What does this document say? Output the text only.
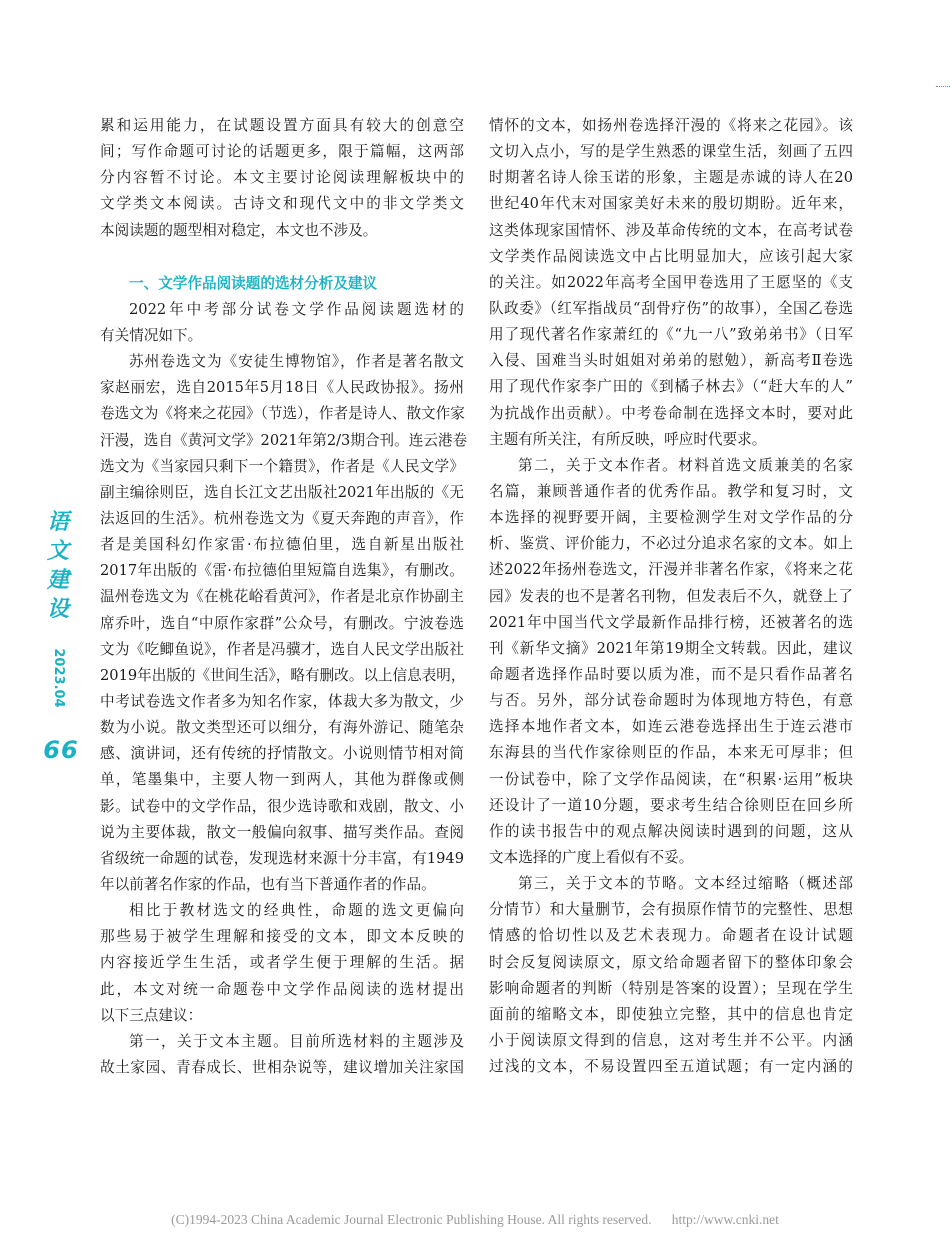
累和运用能力，在试题设置方面具有较大的创意空
间；写作命题可讨论的话题更多，限于篇幅，这两部
分内容暂不讨论。本文主要讨论阅读理解板块中的
文学类文本阅读。古诗文和现代文中的非文学类文
本阅读题的题型相对稳定，本文也不涉及。
一、文学作品阅读题的选材分析及建议
2022年中考部分试卷文学作品阅读题选材的
有关情况如下。
苏州卷选文为《安徒生博物馆》，作者是著名散文
家赵丽宏，选自2015年5月18日《人民政协报》。扬州
卷选文为《将来之花园》（节选），作者是诗人、散文作家
汗漫，选自《黄河文学》2021年第2/3期合刊。连云港卷
选文为《当家园只剩下一个籍贯》，作者是《人民文学》
副主编徐则臣，选自长江文艺出版社2021年出版的《无
法返回的生活》。杭州卷选文为《夏天奔跑的声音》，作
者是美国科幻作家雷·布拉德伯里，选自新星出版社
2017年出版的《雷·布拉德伯里短篇自选集》，有删改。
温州卷选文为《在桃花峪看黄河》，作者是北京作协副主
席乔叶，选自“中原作家群”公众号，有删改。宁波卷选
文为《吃鲫鱼说》，作者是冯骥才，选自人民文学出版社
2019年出版的《世间生活》，略有删改。以上信息表明，
中考试卷选文作者多为知名作家，体裁大多为散文，少
数为小说。散文类型还可以细分，有海外游记、随笔杂
感、演讲词，还有传统的抒情散文。小说则情节相对简
单，笔墨集中，主要人物一到两人，其他为群像或侧
影。试卷中的文学作品，很少选诗歌和戏剧，散文、小
说为主要体裁，散文一般偏向叙事、描写类作品。查阅
省级统一命题的试卷，发现选材来源十分丰富，有1949
年以前著名作家的作品，也有当下普通作者的作品。
相比于教材选文的经典性，命题的选文更偏向
那些易于被学生理解和接受的文本，即文本反映的
内容接近学生生活，或者学生便于理解的生活。据
此，本文对统一命题卷中文学作品阅读的选材提出
以下三点建议：
第一，关于文本主题。目前所选材料的主题涉及
故土家园、青春成长、世相杂说等，建议增加关注家国
情怀的文本，如扬州卷选择汗漫的《将来之花园》。该
文切入点小，写的是学生熟悉的课堂生活，刻画了五四
时期著名诗人徐玉诺的形象，主题是赤诚的诗人在20
世纪40年代末对国家美好未来的殷切期盼。近年来，
这类体现家国情怀、涉及革命传统的文本，在高考试卷
文学类作品阅读选文中占比明显加大，应该引起大家
的关注。如2022年高考全国甲卷选用了王愿坚的《支
队政委》（红军指战员“刮骨疗伤”的故事），全国乙卷选
用了现代著名作家萧红的《“九一八”致弟弟书》（日军
入侵、国难当头时姐姐对弟弟的慰勉），新高考Ⅱ卷选
用了现代作家李广田的《到橘子林去》（“赶大车的人”
为抗战作出贡献）。中考卷命制在选择文本时，要对此
主题有所关注，有所反映，呼应时代要求。
第二，关于文本作者。材料首选文质兼美的名家
名篇，兼顾普通作者的优秀作品。教学和复习时，文
本选择的视野要开阔，主要检测学生对文学作品的分
析、鉴赏、评价能力，不必过分追求名家的文本。如上
述2022年扬州卷选文，汗漫并非著名作家，《将来之花
园》发表的也不是著名刊物，但发表后不久，就登上了
2021年中国当代文学最新作品排行榜，还被著名的选
刊《新华文摘》2021年第19期全文转载。因此，建议
命题者选择作品时要以质为准，而不是只看作品著名
与否。另外，部分试卷命题时为体现地方特色，有意
选择本地作者文本，如连云港卷选择出生于连云港市
东海县的当代作家徐则臣的作品，本来无可厚非；但
一份试卷中，除了文学作品阅读，在“积累·运用”板块
还设计了一道10分题，要求考生结合徐则臣在回乡所
作的读书报告中的观点解决阅读时遇到的问题，这从
文本选择的广度上看似有不妥。
第三，关于文本的节略。文本经过缩略（概述部
分情节）和大量删节，会有损原作情节的完整性、思想
情感的恰切性以及艺术表现力。命题者在设计试题
时会反复阅读原文，原文给命题者留下的整体印象会
影响命题者的判断（特别是答案的设置）；呈现在学生
面前的缩略文本，即使独立完整，其中的信息也肯定
小于阅读原文得到的信息，这对考生并不公平。内涵
过浅的文本，不易设置四至五道试题；有一定内涵的
语
文
建
设
2023.04
66
(C)1994-2023 China Academic Journal Electronic Publishing House. All rights reserved. http://www.cnki.net
